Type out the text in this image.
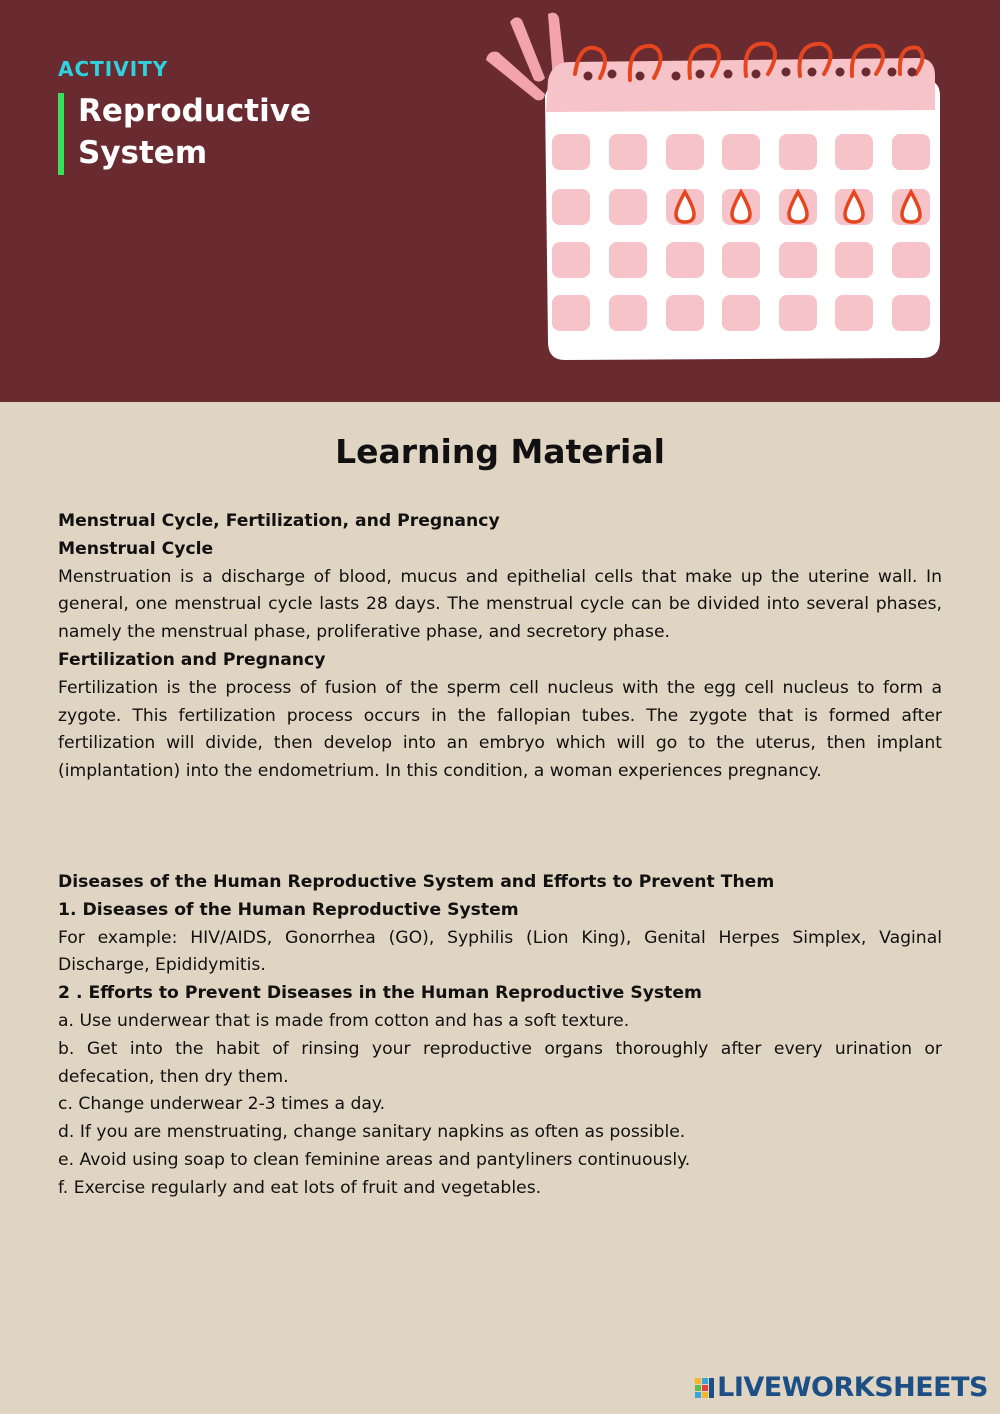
ACTIVITY
Reproductive
System
Learning Material

Menstrual Cycle, Fertilization, and Pregnancy

Menstrual Cycle

Menstruation is a discharge of blood, mucus and epithelial cells that make up the uterine wall. In general, one menstrual cycle lasts 28 days. The menstrual cycle can be divided into several phases, namely the menstrual phase, proliferative phase, and secretory phase.

Fertilization and Pregnancy

Fertilization is the process of fusion of the sperm cell nucleus with the egg cell nucleus to form a zygote. This fertilization process occurs in the fallopian tubes. The zygote that is formed after fertilization will divide, then develop into an embryo which will go to the uterus, then implant (implantation) into the endometrium. In this condition, a woman experiences pregnancy.

Diseases of the Human Reproductive System and Efforts to Prevent Them

1. Diseases of the Human Reproductive System

For example: HIV/AIDS, Gonorrhea (GO), Syphilis (Lion King), Genital Herpes Simplex, Vaginal Discharge, Epididymitis.

2 . Efforts to Prevent Diseases in the Human Reproductive System

a. Use underwear that is made from cotton and has a soft texture.

b. Get into the habit of rinsing your reproductive organs thoroughly after every urination or defecation, then dry them.

c. Change underwear 2-3 times a day.

d. If you are menstruating, change sanitary napkins as often as possible.

e. Avoid using soap to clean feminine areas and pantyliners continuously.

f. Exercise regularly and eat lots of fruit and vegetables.

LIVEWORKSHEETS
